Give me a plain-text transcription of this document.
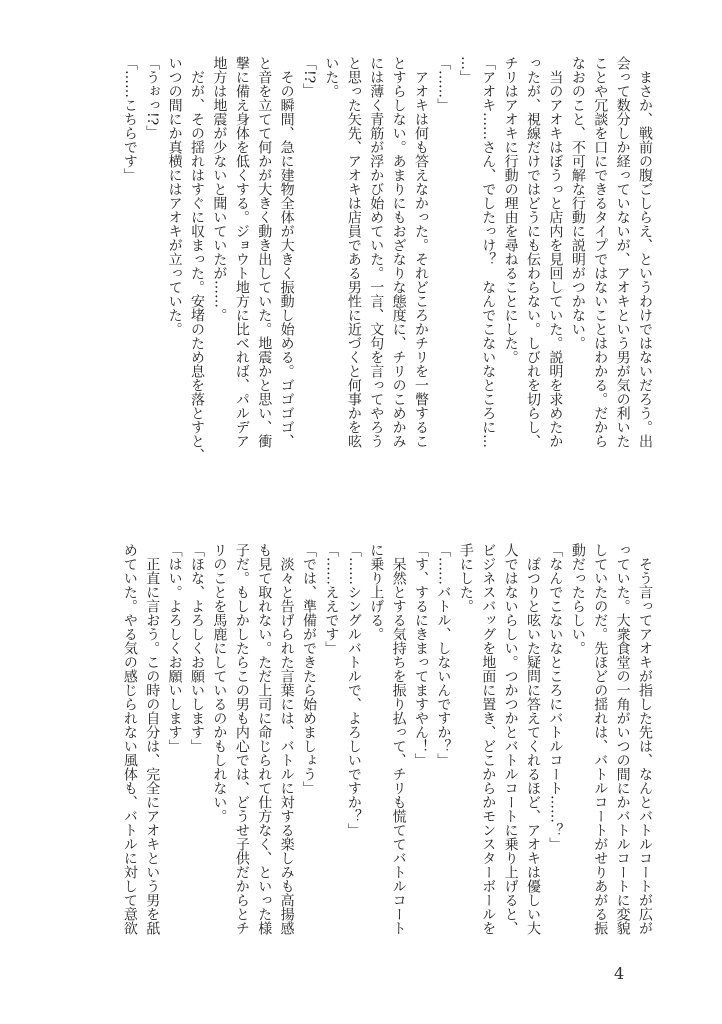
　まさか、戦前の腹ごしらえ、というわけではないだろう。出
会って数分しか経っていないが、アオキという男が気の利いた
ことや冗談を口にできるタイプではないことはわかる。だから
なおのこと、不可解な行動に説明がつかない。
　当のアオキはぼうっと店内を見回していた。説明を求めたか
ったが、視線だけではどうにも伝わらない。しびれを切らし、
チリはアオキに行動の理由を尋ねることにした。
「アオキ……さん、でしたっけ？　なんでこないなところに…
…」
「……」
　アオキは何も答えなかった。それどころかチリを一瞥するこ
とすらしない。あまりにもおざなりな態度に、チリのこめかみ
には薄く青筋が浮かび始めていた。一言、文句を言ってやろう
と思った矢先、アオキは店員である男性に近づくと何事かを呟
いた。
「!?」
　その瞬間、急に建物全体が大きく振動し始める。ゴゴゴゴ、
と音を立てて何かが大きく動き出していた。地震かと思い、衝
撃に備え身体を低くする。ジョウト地方に比べれば、パルデア
地方は地震が少ないと聞いていたが……。
　だが、その揺れはすぐに収まった。安堵のため息を落とすと、
いつの間にか真横にはアオキが立っていた。
「うぉっ!?」
「……こちらです」
　そう言ってアオキが指した先は、なんとバトルコートが広が
っていた。大衆食堂の一角がいつの間にかバトルコートに変貌
していたのだ。先ほどの揺れは、バトルコートがせりあがる振
動だったらしい。
「なんでこないなところにバトルコート……？」
　ぽつりと呟いた疑問に答えてくれるほど、アオキは優しい大
人ではないらしい。つかつかとバトルコートに乗り上げると、
ビジネスバッグを地面に置き、どこからかモンスターボールを
手にした。
「……バトル、しないんですか？」
「す、するにきまってますやん！」
　呆然とする気持ちを振り払って、チリも慌ててバトルコート
に乗り上げる。
「……シングルバトルで、よろしいですか？」
「……ええです」
「では、準備ができたら始めましょう」
　淡々と告げられた言葉には、バトルに対する楽しみも高揚感
も見て取れない。ただ上司に命じられて仕方なく、といった様
子だ。もしかしたらこの男も内心では、どうせ子供だからとチ
リのことを馬鹿にしているのかもしれない。
「ほな、よろしくお願いします」
「はい。よろしくお願いします」
　正直に言おう。この時の自分は、完全にアオキという男を舐
めていた。やる気の感じられない風体も、バトルに対して意欲
4
